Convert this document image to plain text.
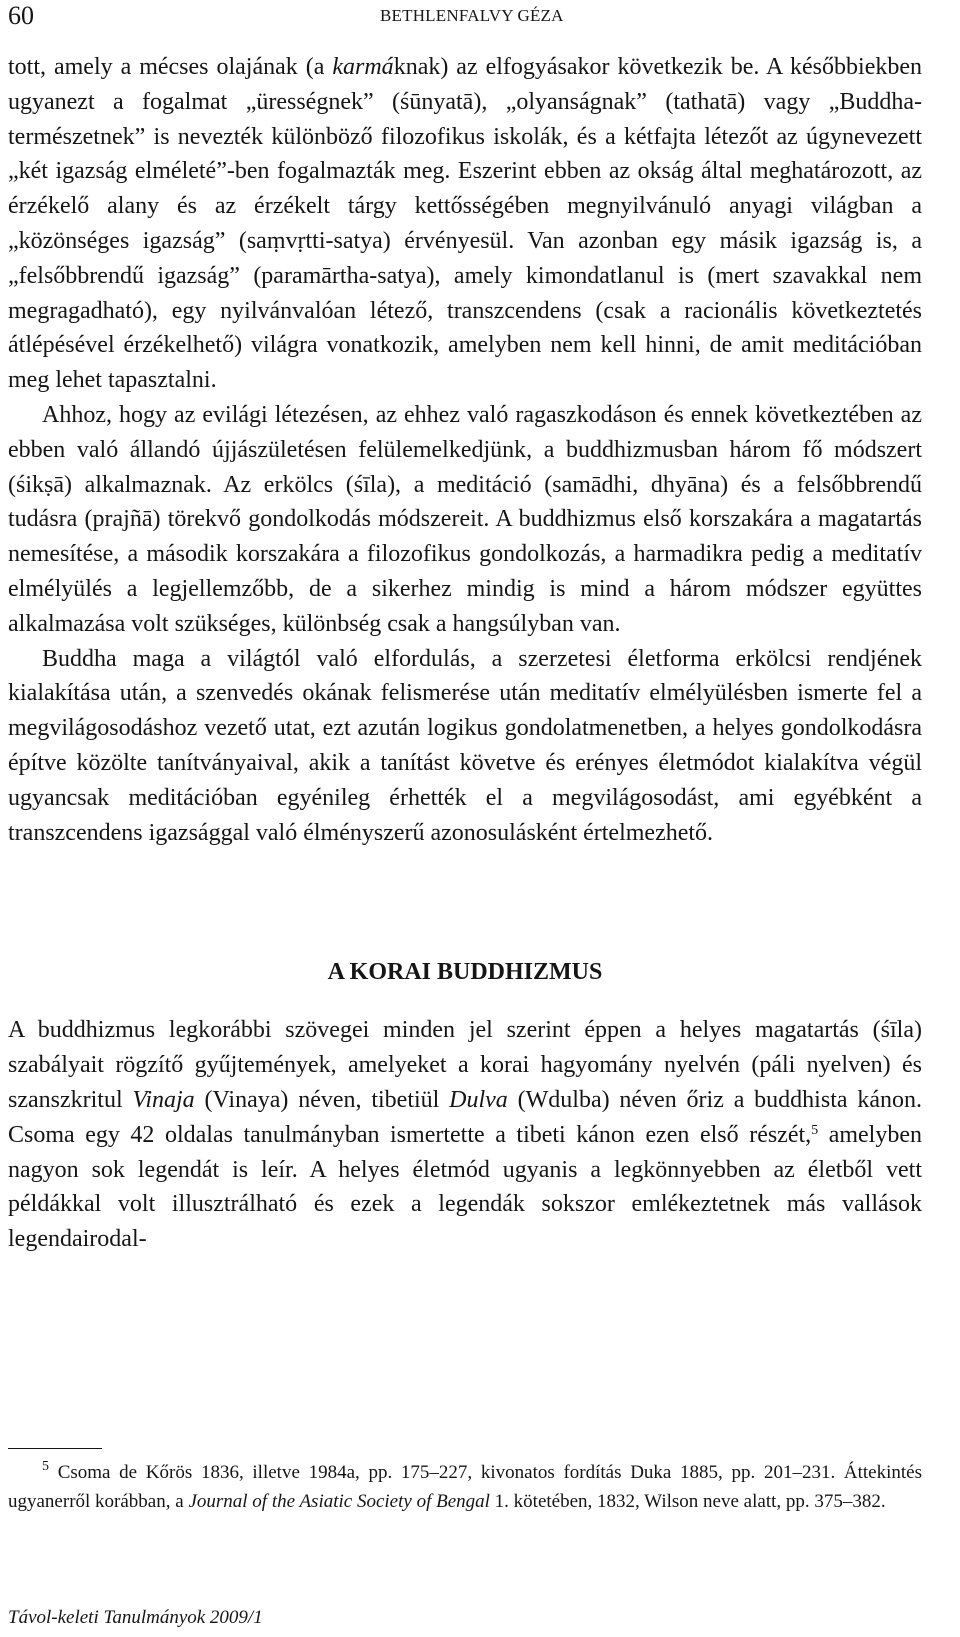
60	BETHLENFALVY GÉZA

tott, amely a mécses olajának (a karmáknak) az elfogyásakor következik be. A későbbiekben ugyanezt a fogalmat „ürességnek” (śūnyatā), „olyanságnak” (tathatā) vagy „Buddha-természetnek” is nevezték különböző filozofikus iskolák, és a kétfajta létezőt az úgynevezett „két igazság elméleté”-ben fogalmazták meg. Eszerint ebben az okság által meghatározott, az érzékelő alany és az érzékelt tárgy kettősségében megnyilvánuló anyagi világban a „közönséges igazság” (saṃvṛtti-satya) érvényesül. Van azonban egy másik igazság is, a „felsőbbrendű igazság” (paramārtha-satya), amely kimondatlanul is (mert szavakkal nem megragadható), egy nyilvánvalóan létező, transzcendens (csak a racionális következtetés átlépésével érzékelhető) világra vonatkozik, amelyben nem kell hinni, de amit meditációban meg lehet tapasztalni.

Ahhoz, hogy az evilági létezésen, az ehhez való ragaszkodáson és ennek következtében az ebben való állandó újjászületésen felülemelkedjünk, a buddhizmusban három fő módszert (śikṣā) alkalmaznak. Az erkölcs (śīla), a meditáció (samādhi, dhyāna) és a felsőbbrendű tudásra (prajñā) törekvő gondolkodás módszereit. A buddhizmus első korszakára a magatartás nemesítése, a második korszakára a filozofikus gondolkozás, a harmadikra pedig a meditatív elmélyülés a legjellemzőbb, de a sikerhez mindig is mind a három módszer együttes alkalmazása volt szükséges, különbség csak a hangsúlyban van.

Buddha maga a világtól való elfordulás, a szerzetesi életforma erkölcsi rendjének kialakítása után, a szenvedés okának felismerése után meditatív elmélyülésben ismerte fel a megvilágosodáshoz vezető utat, ezt azután logikus gondolatmenetben, a helyes gondolkodásra építve közölte tanítványaival, akik a tanítást követve és erényes életmódot kialakítva végül ugyancsak meditációban egyénileg érhették el a megvilágosodást, ami egyébként a transzcendens igazsággal való élményszerű azonosulásként értelmezhető.

A KORAI BUDDHIZMUS

A buddhizmus legkorábbi szövegei minden jel szerint éppen a helyes magatartás (śīla) szabályait rögzítő gyűjtemények, amelyeket a korai hagyomány nyelvén (páli nyelven) és szanszkritul Vinaja (Vinaya) néven, tibetiül Dulva (Wdulba) néven őriz a buddhista kánon. Csoma egy 42 oldalas tanulmányban ismertette a tibeti kánon ezen első részét,$^5$ amelyben nagyon sok legendát is leír. A helyes életmód ugyanis a legkönnyebben az életből vett példákkal volt illusztrálható és ezek a legendák sokszor emlékeztetnek más vallások legendairodal-

$^5$ Csoma de Kőrös 1836, illetve 1984a, pp. 175–227, kivonatos fordítás Duka 1885, pp. 201–231. Áttekintés ugyanerről korábban, a Journal of the Asiatic Society of Bengal 1. kötetében, 1832, Wilson neve alatt, pp. 375–382.

Távol-keleti Tanulmányok 2009/1
